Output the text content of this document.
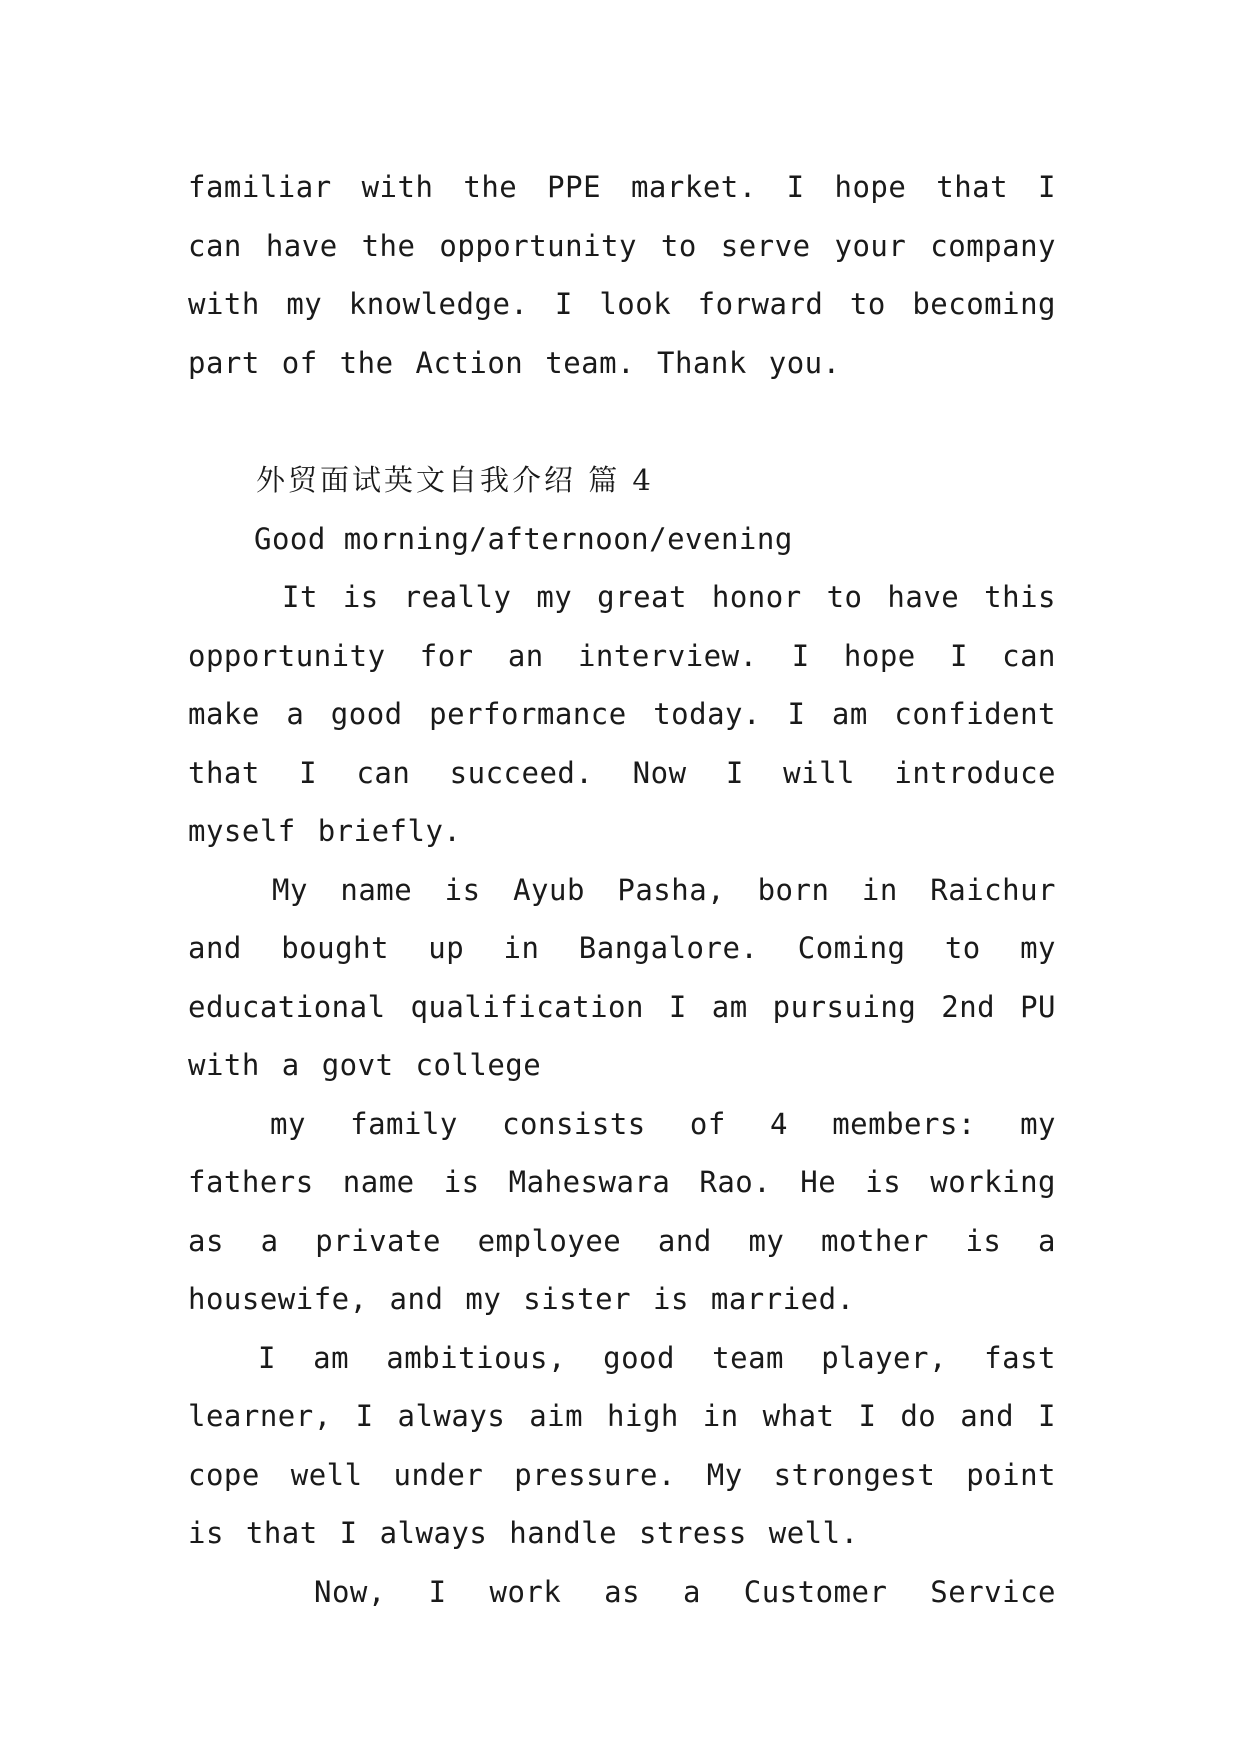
familiar with the PPE market. I hope that I can have the opportunity to serve your company with my knowledge. I look forward to becoming part of the Action team. Thank you.

外贸面试英文自我介绍 篇 4

Good morning/afternoon/evening

It is really my great honor to have this opportunity for an interview. I hope I can make a good performance today. I am confident that I can succeed. Now I will introduce myself briefly.

My name is Ayub Pasha, born in Raichur and bought up in Bangalore. Coming to my educational qualification I am pursuing 2nd PU with a govt college

my family consists of 4 members: my fathers name is Maheswara Rao. He is working as a private employee and my mother is a housewife, and my sister is married.

I am ambitious, good team player, fast learner, I always aim high in what I do and I cope well under pressure. My strongest point is that I always handle stress well.

Now, I work as a Customer Service
